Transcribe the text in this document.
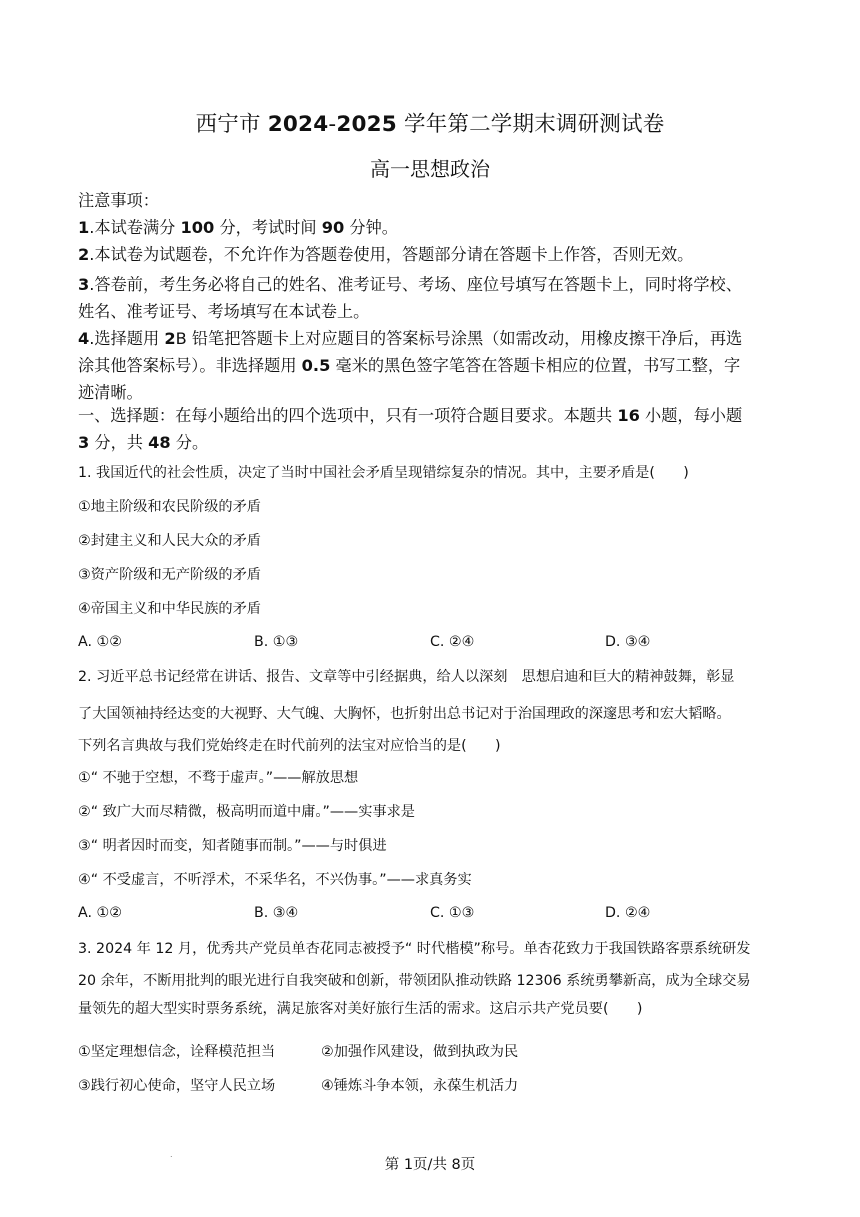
西宁市 2024-2025 学年第二学期末调研测试卷
高一思想政治
注意事项：
1.本试卷满分 100 分，考试时间 90 分钟。
2.本试卷为试题卷，不允许作为答题卷使用，答题部分请在答题卡上作答，否则无效。
3.答卷前，考生务必将自己的姓名、准考证号、考场、座位号填写在答题卡上，同时将学校、
姓名、准考证号、考场填写在本试卷上。
4.选择题用 2B 铅笔把答题卡上对应题目的答案标号涂黑（如需改动，用橡皮擦干净后，再选
涂其他答案标号）。非选择题用 0.5 毫米的黑色签字笔答在答题卡相应的位置，书写工整，字
迹清晰。
一、选择题：在每小题给出的四个选项中，只有一项符合题目要求。本题共 16 小题，每小题
3 分，共 48 分。
1. 我国近代的社会性质，决定了当时中国社会矛盾呈现错综复杂的情况。其中，主要矛盾是(　　)
①地主阶级和农民阶级的矛盾
②封建主义和人民大众的矛盾
③资产阶级和无产阶级的矛盾
④帝国主义和中华民族的矛盾
A. ①②	B. ①③	C. ②④	D. ③④
2. 习近平总书记经常在讲话、报告、文章等中引经据典，给人以深刻　思想启迪和巨大的精神鼓舞，彰显
了大国领袖持经达变的大视野、大气魄、大胸怀，也折射出总书记对于治国理政的深邃思考和宏大韬略。
下列名言典故与我们党始终走在时代前列的法宝对应恰当的是(　　)
①“ 不驰于空想，不骛于虚声。”——解放思想
②“ 致广大而尽精微，极高明而道中庸。”——实事求是
③“ 明者因时而变，知者随事而制。”——与时俱进
④“ 不受虚言，不听浮术，不采华名，不兴伪事。”——求真务实
A. ①②	B. ③④	C. ①③	D. ②④
3. 2024 年 12 月，优秀共产党员单杏花同志被授予“ 时代楷模”称号。单杏花致力于我国铁路客票系统研发
20 余年，不断用批判的眼光进行自我突破和创新，带领团队推动铁路 12306 系统勇攀新高，成为全球交易
量领先的超大型实时票务系统，满足旅客对美好旅行生活的需求。这启示共产党员要(　　)
①坚定理想信念，诠释模范担当	②加强作风建设，做到执政为民
③践行初心使命，坚守人民立场	④锤炼斗争本领，永葆生机活力
.
第 1页/共 8页
